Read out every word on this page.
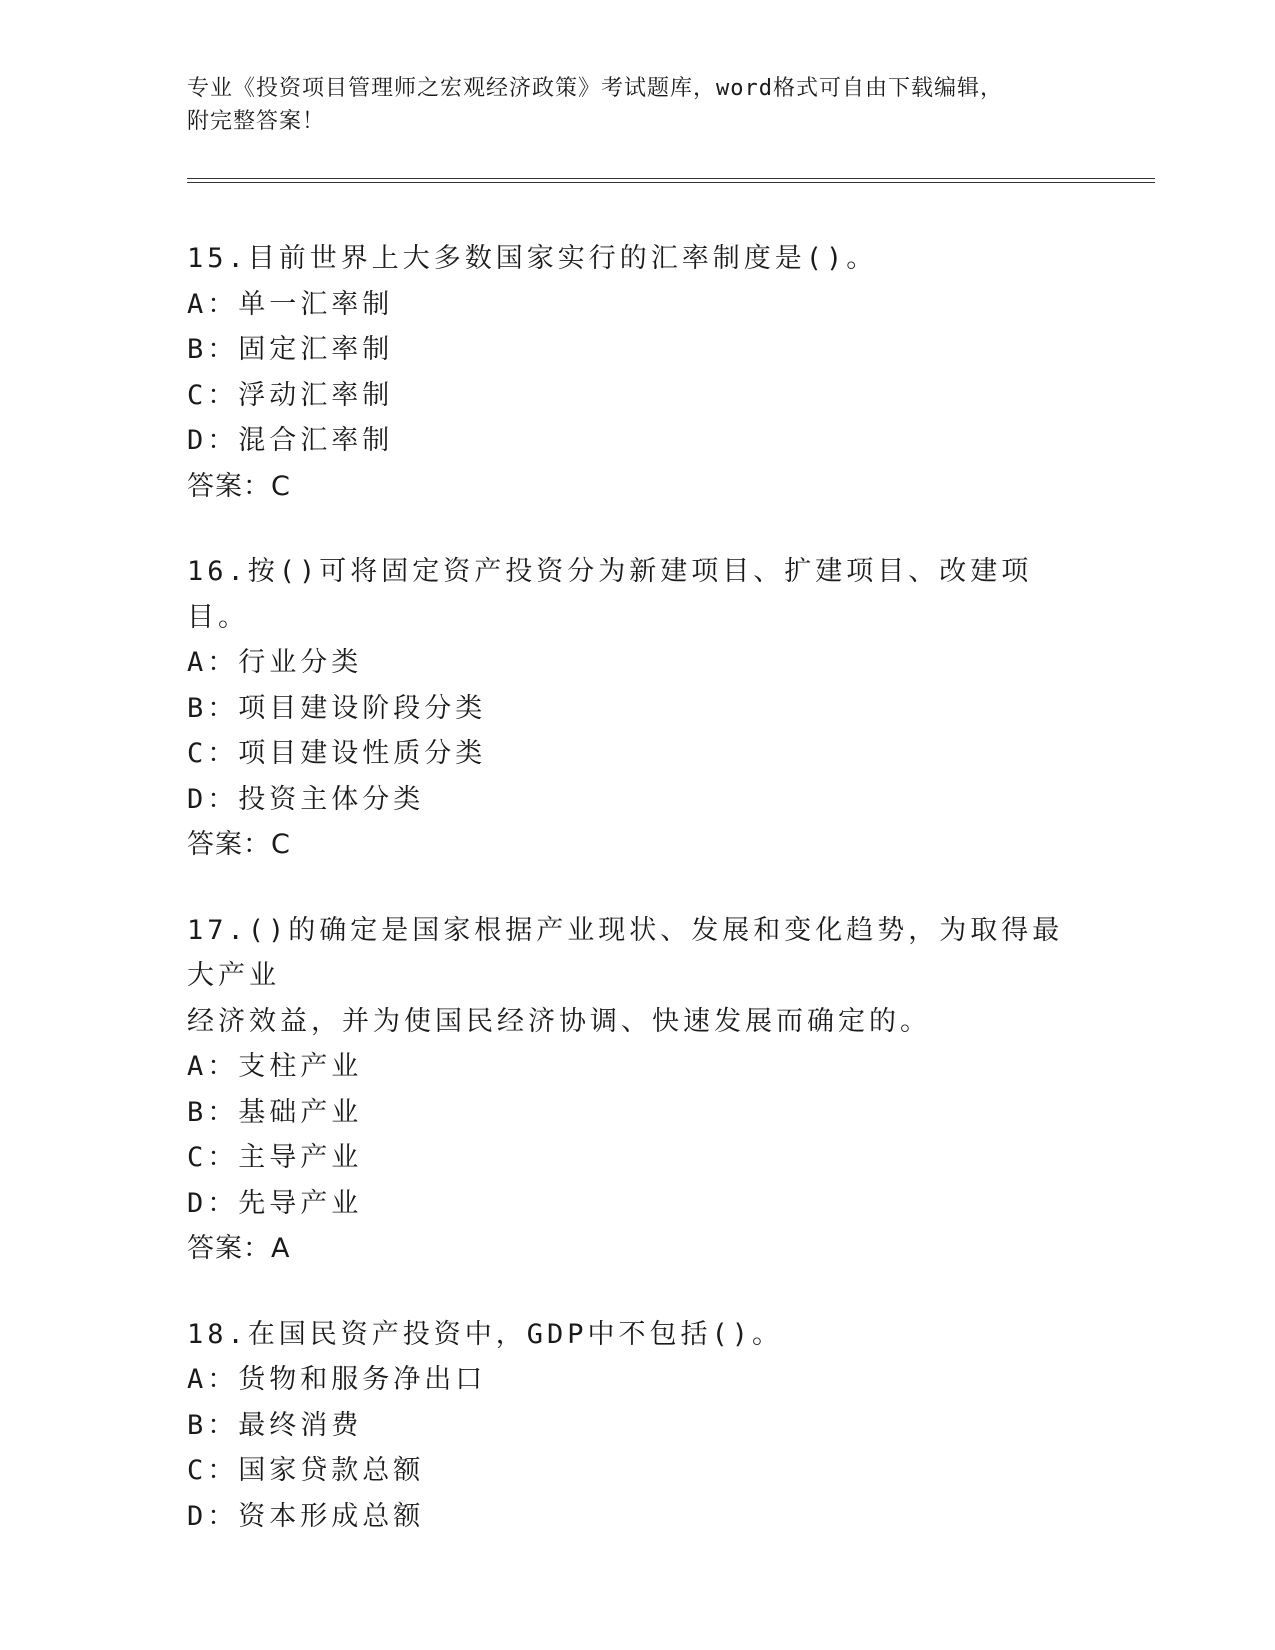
专业《投资项目管理师之宏观经济政策》考试题库，word格式可自由下载编辑，
附完整答案！
15.目前世界上大多数国家实行的汇率制度是()。
A：单一汇率制
B：固定汇率制
C：浮动汇率制
D：混合汇率制
答案：C
16.按()可将固定资产投资分为新建项目、扩建项目、改建项目。
A：行业分类
B：项目建设阶段分类
C：项目建设性质分类
D：投资主体分类
答案：C
17.()的确定是国家根据产业现状、发展和变化趋势，为取得最大产业
经济效益，并为使国民经济协调、快速发展而确定的。
A：支柱产业
B：基础产业
C：主导产业
D：先导产业
答案：A
18.在国民资产投资中，GDP中不包括()。
A：货物和服务净出口
B：最终消费
C：国家贷款总额
D：资本形成总额
